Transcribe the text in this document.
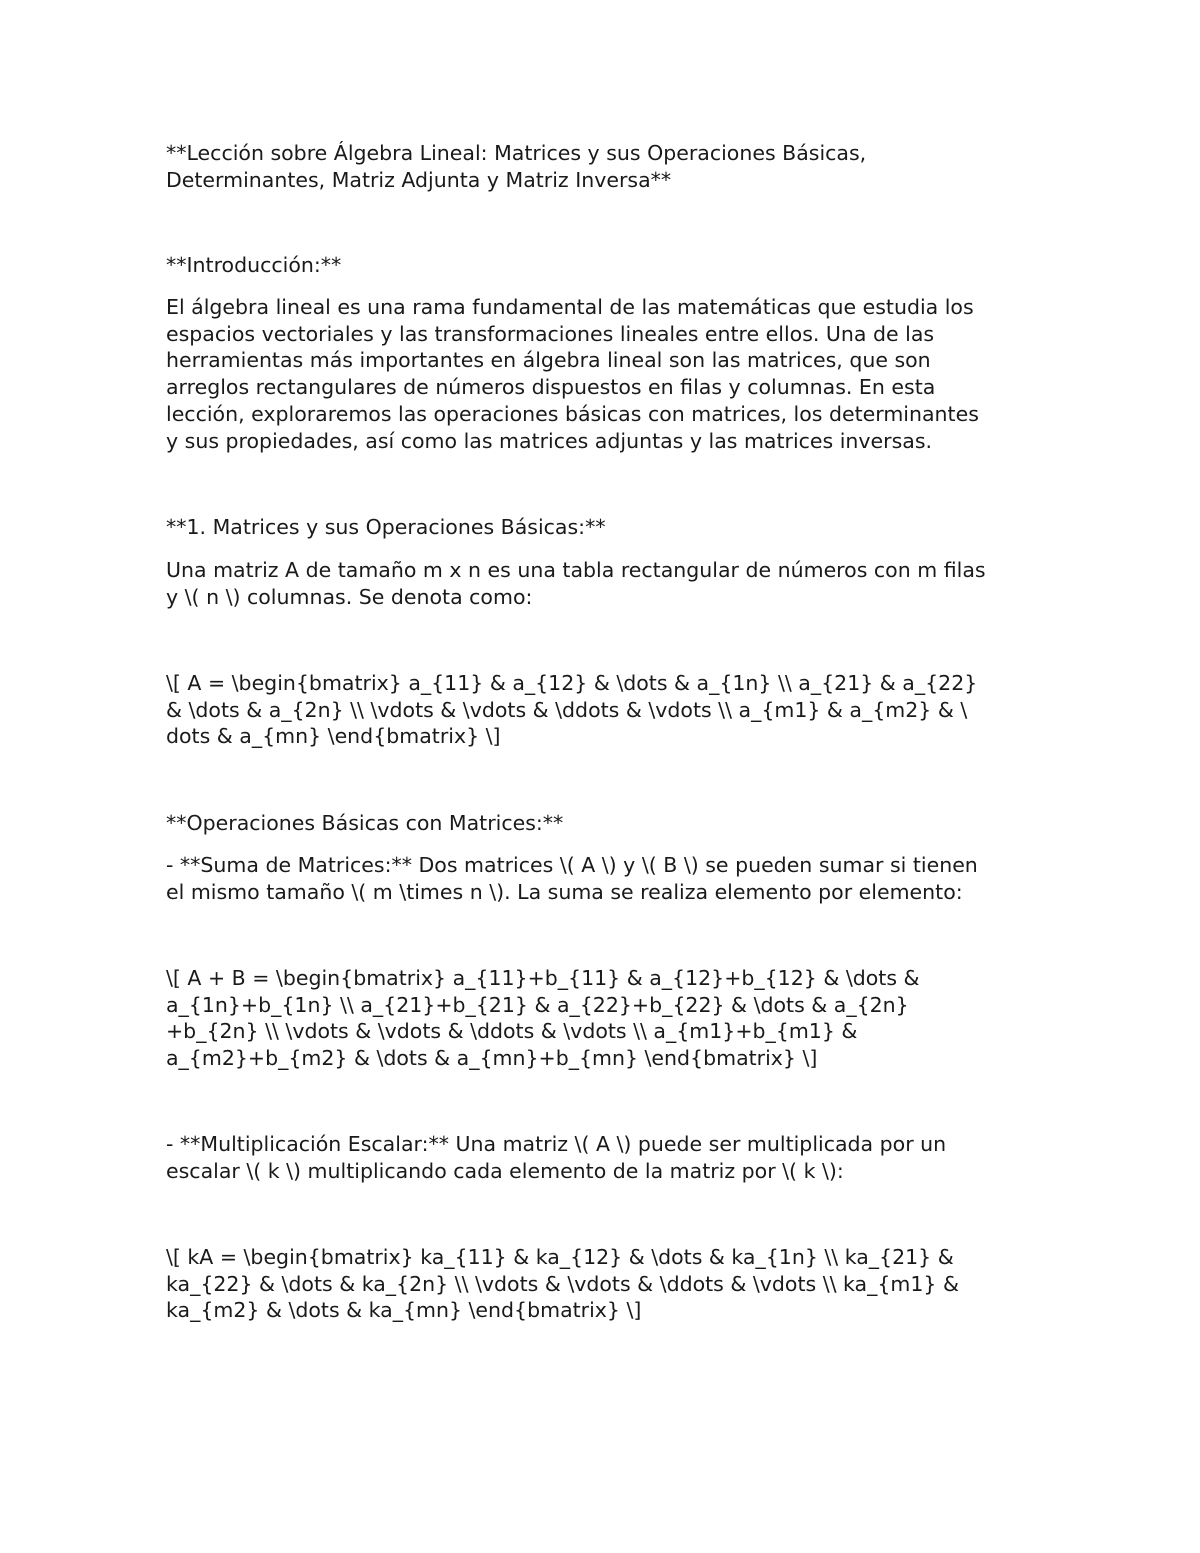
**Lección sobre Álgebra Lineal: Matrices y sus Operaciones Básicas,
Determinantes, Matriz Adjunta y Matriz Inversa**

**Introducción:**

El álgebra lineal es una rama fundamental de las matemáticas que estudia los
espacios vectoriales y las transformaciones lineales entre ellos. Una de las
herramientas más importantes en álgebra lineal son las matrices, que son
arreglos rectangulares de números dispuestos en filas y columnas. En esta
lección, exploraremos las operaciones básicas con matrices, los determinantes
y sus propiedades, así como las matrices adjuntas y las matrices inversas.

**1. Matrices y sus Operaciones Básicas:**

Una matriz A de tamaño m x n es una tabla rectangular de números con m filas
y \( n \) columnas. Se denota como:

\[ A = \begin{bmatrix} a_{11} & a_{12} & \dots & a_{1n} \\ a_{21} & a_{22}
& \dots & a_{2n} \\ \vdots & \vdots & \ddots & \vdots \\ a_{m1} & a_{m2} & \
dots & a_{mn} \end{bmatrix} \]

**Operaciones Básicas con Matrices:**

- **Suma de Matrices:** Dos matrices \( A \) y \( B \) se pueden sumar si tienen
el mismo tamaño \( m \times n \). La suma se realiza elemento por elemento:

\[ A + B = \begin{bmatrix} a_{11}+b_{11} & a_{12}+b_{12} & \dots &
a_{1n}+b_{1n} \\ a_{21}+b_{21} & a_{22}+b_{22} & \dots & a_{2n}
+b_{2n} \\ \vdots & \vdots & \ddots & \vdots \\ a_{m1}+b_{m1} &
a_{m2}+b_{m2} & \dots & a_{mn}+b_{mn} \end{bmatrix} \]

- **Multiplicación Escalar:** Una matriz \( A \) puede ser multiplicada por un
escalar \( k \) multiplicando cada elemento de la matriz por \( k \):

\[ kA = \begin{bmatrix} ka_{11} & ka_{12} & \dots & ka_{1n} \\ ka_{21} &
ka_{22} & \dots & ka_{2n} \\ \vdots & \vdots & \ddots & \vdots \\ ka_{m1} &
ka_{m2} & \dots & ka_{mn} \end{bmatrix} \]
